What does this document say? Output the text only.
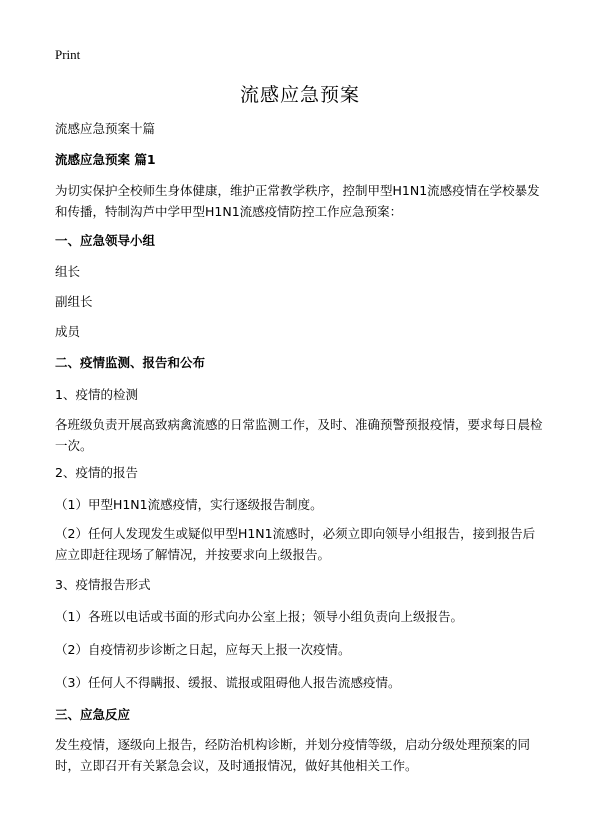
Print
流感应急预案
流感应急预案十篇
流感应急预案 篇1
为切实保护全校师生身体健康，维护正常教学秩序，控制甲型H1N1流感疫情在学校暴发和传播，特制沟芦中学甲型H1N1流感疫情防控工作应急预案：
一、应急领导小组
组长
副组长
成员
二、疫情监测、报告和公布
1、疫情的检测
各班级负责开展高致病禽流感的日常监测工作，及时、准确预警预报疫情，要求每日晨检一次。
2、疫情的报告
（1）甲型H1N1流感疫情，实行逐级报告制度。
（2）任何人发现发生或疑似甲型H1N1流感时，必须立即向领导小组报告，接到报告后应立即赶往现场了解情况，并按要求向上级报告。
3、疫情报告形式
（1）各班以电话或书面的形式向办公室上报；领导小组负责向上级报告。
（2）自疫情初步诊断之日起，应每天上报一次疫情。
（3）任何人不得瞒报、缓报、谎报或阻碍他人报告流感疫情。
三、应急反应
发生疫情，逐级向上报告，经防治机构诊断，并划分疫情等级，启动分级处理预案的同时，立即召开有关紧急会议，及时通报情况，做好其他相关工作。
